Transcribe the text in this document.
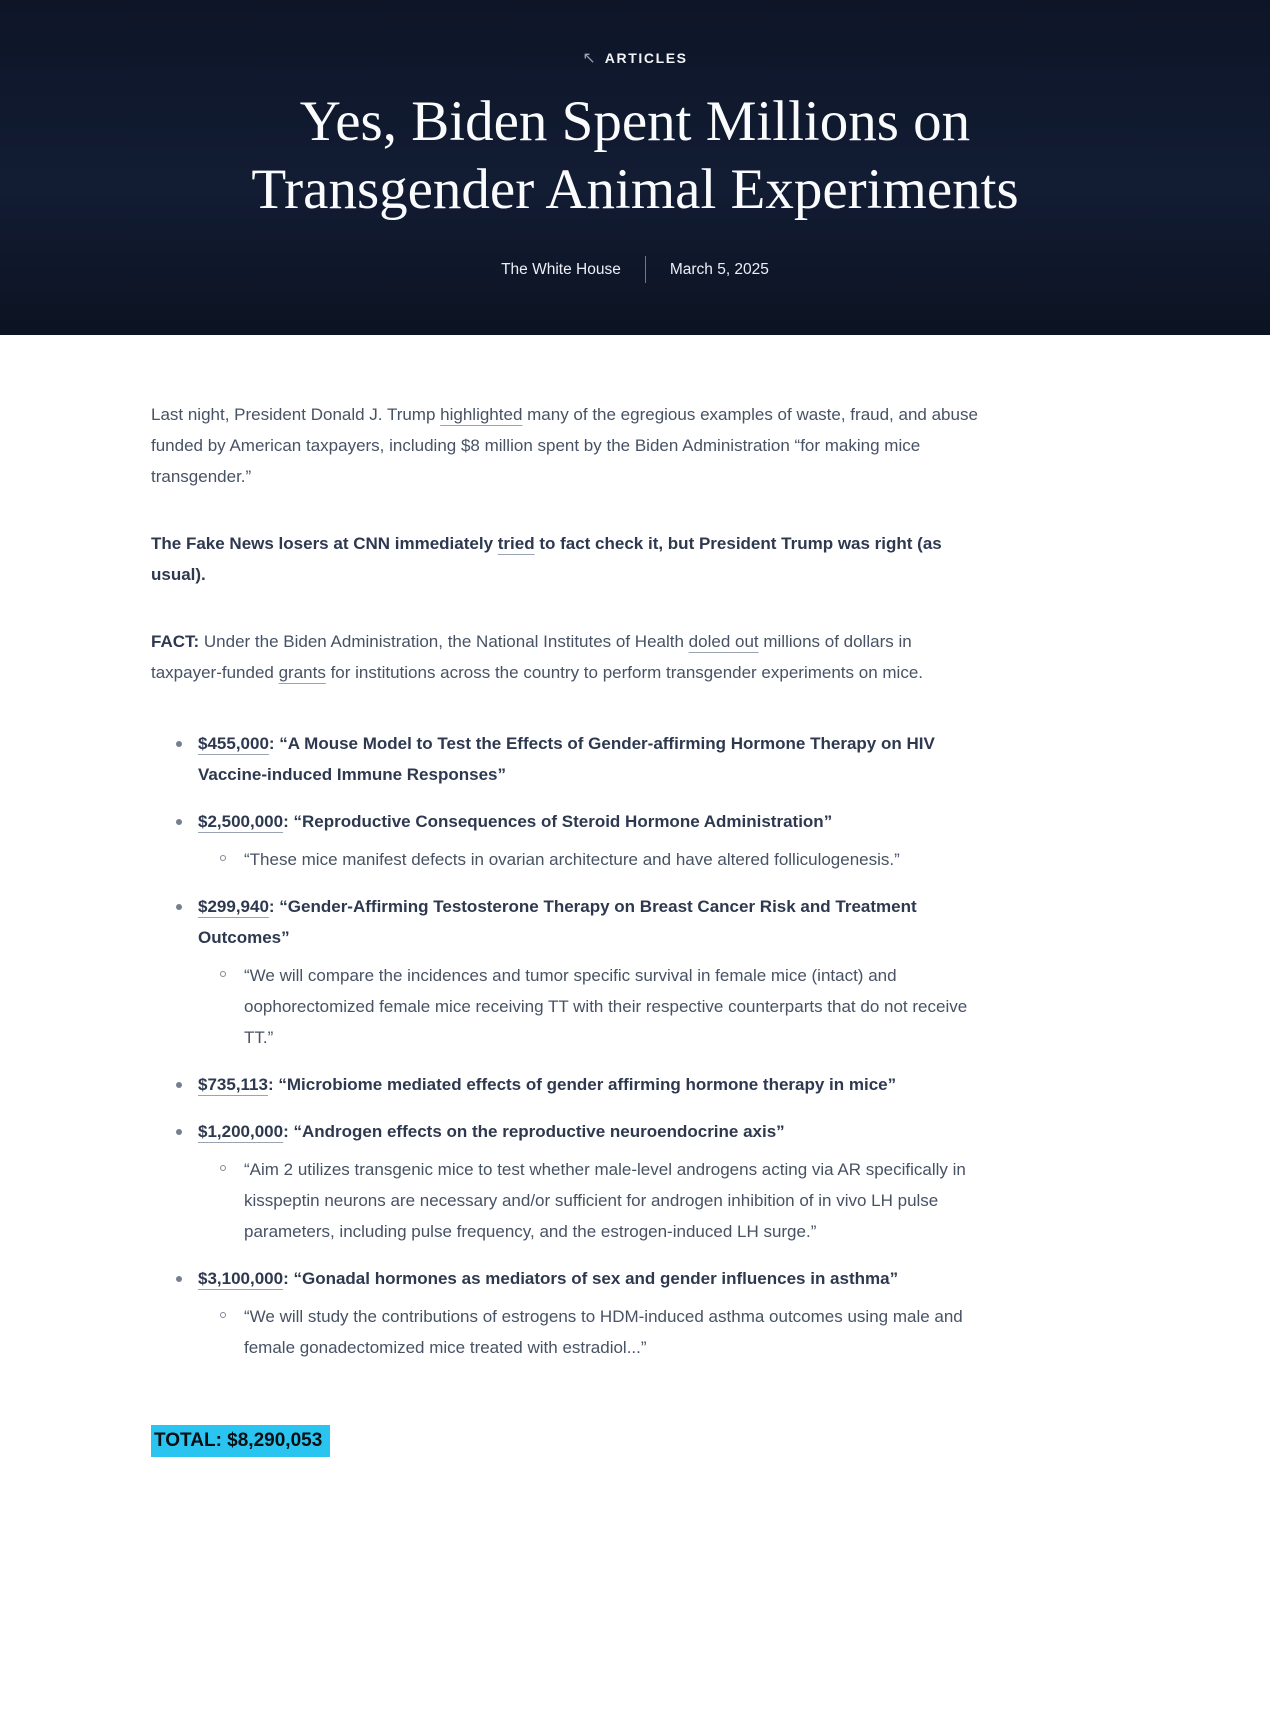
↖ ARTICLES
Yes, Biden Spent Millions on
Transgender Animal Experiments
The White House	March 5, 2025

Last night, President Donald J. Trump highlighted many of the egregious examples of waste, fraud, and abuse funded by American taxpayers, including $8 million spent by the Biden Administration “for making mice transgender.”

The Fake News losers at CNN immediately tried to fact check it, but President Trump was right (as usual).

FACT: Under the Biden Administration, the National Institutes of Health doled out millions of dollars in taxpayer-funded grants for institutions across the country to perform transgender experiments on mice.

$455,000: “A Mouse Model to Test the Effects of Gender-affirming Hormone Therapy on HIV Vaccine-induced Immune Responses”
$2,500,000: “Reproductive Consequences of Steroid Hormone Administration”
“These mice manifest defects in ovarian architecture and have altered folliculogenesis.”
$299,940: “Gender-Affirming Testosterone Therapy on Breast Cancer Risk and Treatment Outcomes”
“We will compare the incidences and tumor specific survival in female mice (intact) and oophorectomized female mice receiving TT with their respective counterparts that do not receive TT.”
$735,113: “Microbiome mediated effects of gender affirming hormone therapy in mice”
$1,200,000: “Androgen effects on the reproductive neuroendocrine axis”
“Aim 2 utilizes transgenic mice to test whether male-level androgens acting via AR specifically in kisspeptin neurons are necessary and/or sufficient for androgen inhibition of in vivo LH pulse parameters, including pulse frequency, and the estrogen-induced LH surge.”
$3,100,000: “Gonadal hormones as mediators of sex and gender influences in asthma”
“We will study the contributions of estrogens to HDM-induced asthma outcomes using male and female gonadectomized mice treated with estradiol...”
TOTAL: $8,290,053
